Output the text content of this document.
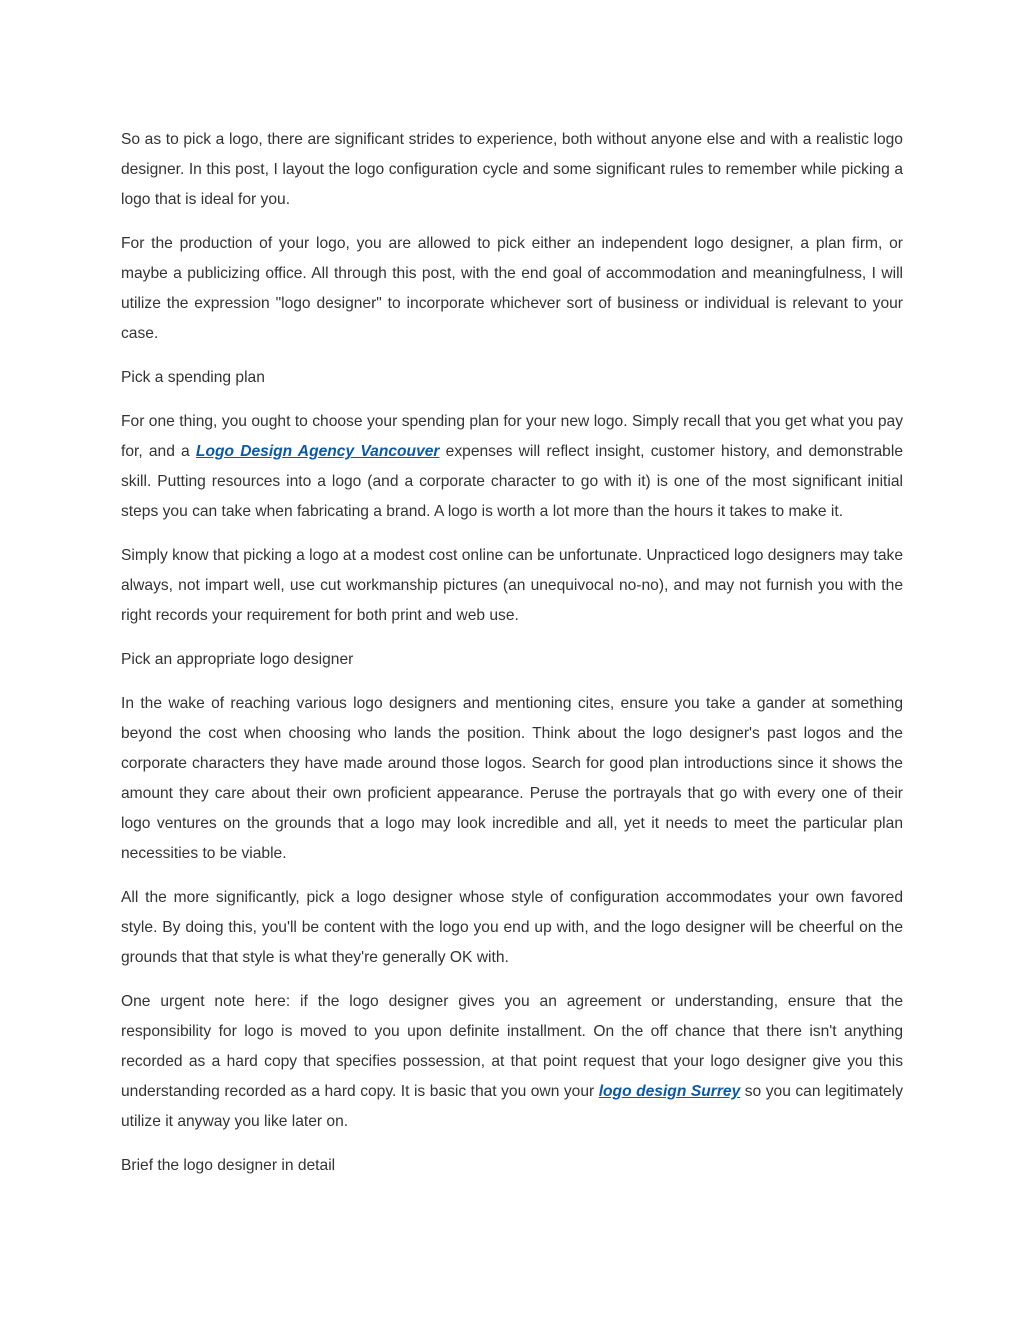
So as to pick a logo, there are significant strides to experience, both without anyone else and with a realistic logo designer. In this post, I layout the logo configuration cycle and some significant rules to remember while picking a logo that is ideal for you.

For the production of your logo, you are allowed to pick either an independent logo designer, a plan firm, or maybe a publicizing office. All through this post, with the end goal of accommodation and meaningfulness, I will utilize the expression "logo designer" to incorporate whichever sort of business or individual is relevant to your case.

Pick a spending plan

For one thing, you ought to choose your spending plan for your new logo. Simply recall that you get what you pay for, and a Logo Design Agency Vancouver expenses will reflect insight, customer history, and demonstrable skill. Putting resources into a logo (and a corporate character to go with it) is one of the most significant initial steps you can take when fabricating a brand. A logo is worth a lot more than the hours it takes to make it.

Simply know that picking a logo at a modest cost online can be unfortunate. Unpracticed logo designers may take always, not impart well, use cut workmanship pictures (an unequivocal no-no), and may not furnish you with the right records your requirement for both print and web use.

Pick an appropriate logo designer

In the wake of reaching various logo designers and mentioning cites, ensure you take a gander at something beyond the cost when choosing who lands the position. Think about the logo designer's past logos and the corporate characters they have made around those logos. Search for good plan introductions since it shows the amount they care about their own proficient appearance. Peruse the portrayals that go with every one of their logo ventures on the grounds that a logo may look incredible and all, yet it needs to meet the particular plan necessities to be viable.

All the more significantly, pick a logo designer whose style of configuration accommodates your own favored style. By doing this, you'll be content with the logo you end up with, and the logo designer will be cheerful on the grounds that that style is what they're generally OK with.

One urgent note here: if the logo designer gives you an agreement or understanding, ensure that the responsibility for logo is moved to you upon definite installment. On the off chance that there isn't anything recorded as a hard copy that specifies possession, at that point request that your logo designer give you this understanding recorded as a hard copy. It is basic that you own your logo design Surrey so you can legitimately utilize it anyway you like later on.

Brief the logo designer in detail
